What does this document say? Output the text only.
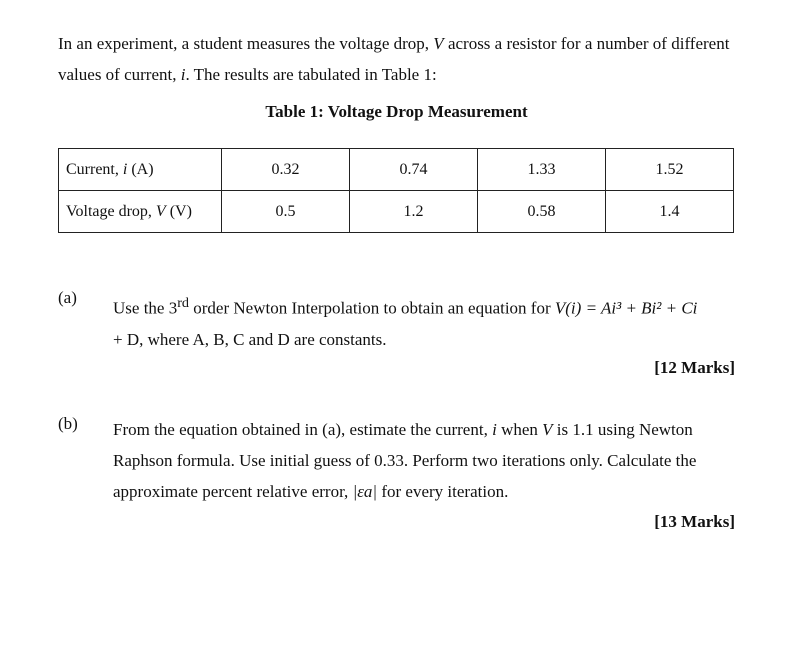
In an experiment, a student measures the voltage drop, V across a resistor for a number of different values of current, i. The results are tabulated in Table 1:
Table 1: Voltage Drop Measurement
Current, i (A)	0.32	0.74	1.33	1.52
Voltage drop, V (V)	0.5	1.2	0.58	1.4
(a)
Use the 3rd order Newton Interpolation to obtain an equation for V(i) = Ai³ + Bi² + Ci
+ D, where A, B, C and D are constants.
[12 Marks]
(b) From the equation obtained in (a), estimate the current, i when V is 1.1 using Newton Raphson formula. Use initial guess of 0.33. Perform two iterations only. Calculate the approximate percent relative error, |εa| for every iteration.
[13 Marks]
